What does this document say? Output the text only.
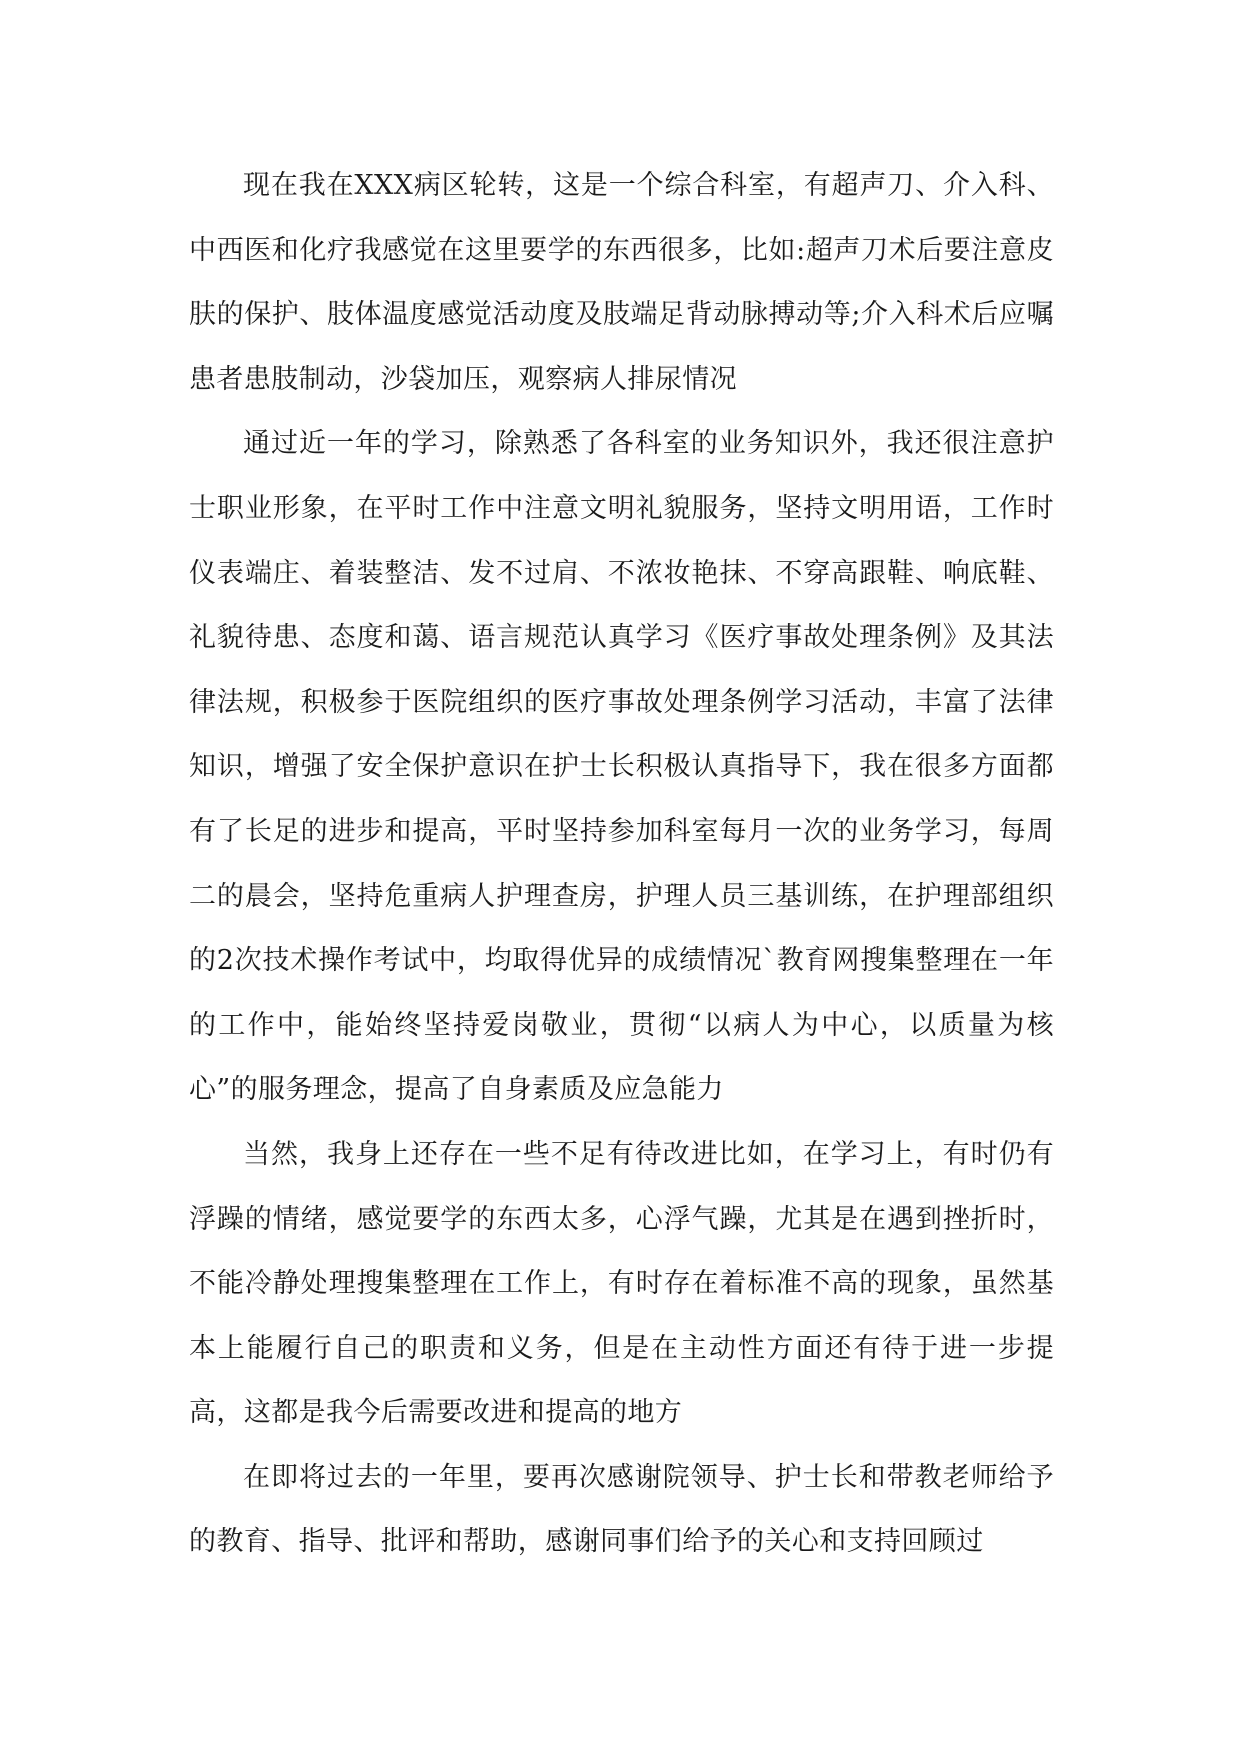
现在我在XXX病区轮转，这是一个综合科室，有超声刀、介入科、中西医和化疗我感觉在这里要学的东西很多，比如:超声刀术后要注意皮肤的保护、肢体温度感觉活动度及肢端足背动脉搏动等;介入科术后应嘱患者患肢制动，沙袋加压，观察病人排尿情况

通过近一年的学习，除熟悉了各科室的业务知识外，我还很注意护士职业形象，在平时工作中注意文明礼貌服务，坚持文明用语，工作时仪表端庄、着装整洁、发不过肩、不浓妆艳抹、不穿高跟鞋、响底鞋、礼貌待患、态度和蔼、语言规范认真学习《医疗事故处理条例》及其法律法规，积极参于医院组织的医疗事故处理条例学习活动，丰富了法律知识，增强了安全保护意识在护士长积极认真指导下，我在很多方面都有了长足的进步和提高，平时坚持参加科室每月一次的业务学习，每周二的晨会，坚持危重病人护理查房，护理人员三基训练，在护理部组织的2次技术操作考试中，均取得优异的成绩情况`教育网搜集整理在一年的工作中，能始终坚持爱岗敬业，贯彻“以病人为中心，以质量为核心”的服务理念，提高了自身素质及应急能力

当然，我身上还存在一些不足有待改进比如，在学习上，有时仍有浮躁的情绪，感觉要学的东西太多，心浮气躁，尤其是在遇到挫折时，不能冷静处理搜集整理在工作上，有时存在着标准不高的现象，虽然基本上能履行自己的职责和义务，但是在主动性方面还有待于进一步提高，这都是我今后需要改进和提高的地方

在即将过去的一年里，要再次感谢院领导、护士长和带教老师给予的教育、指导、批评和帮助，感谢同事们给予的关心和支持回顾过
